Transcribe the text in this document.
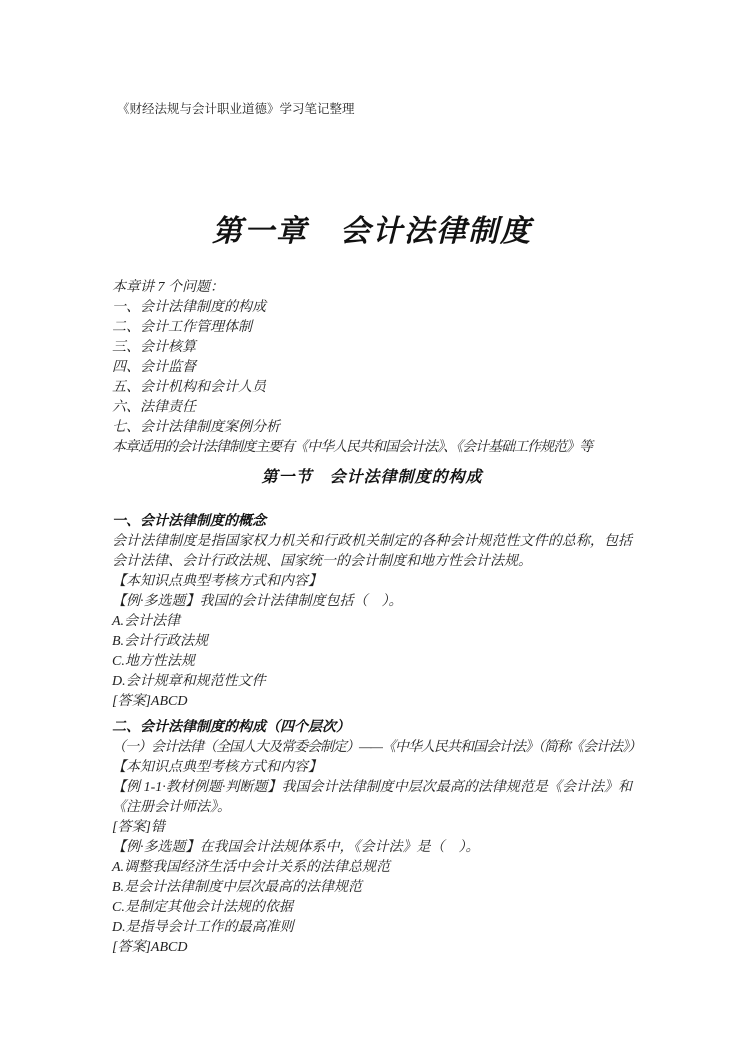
《财经法规与会计职业道德》学习笔记整理
第一章　会计法律制度

本章讲 7 个问题：

一、会计法律制度的构成

二、会计工作管理体制

三、会计核算

四、会计监督

五、会计机构和会计人员

六、法律责任

七、会计法律制度案例分析

本章适用的会计法律制度主要有《中华人民共和国会计法》、《会计基础工作规范》等

第一节　会计法律制度的构成
一、会计法律制度的概念

会计法律制度是指国家权力机关和行政机关制定的各种会计规范性文件的总称，包括会计法律、会计行政法规、国家统一的会计制度和地方性会计法规。

【本知识点典型考核方式和内容】

【例·多选题】我国的会计法律制度包括（　）。

A.会计法律

B.会计行政法规

C.地方性法规

D.会计规章和规范性文件

[答案]ABCD

二、会计法律制度的构成（四个层次）

（一）会计法律（全国人大及常委会制定）——《中华人民共和国会计法》（简称《会计法》）

【本知识点典型考核方式和内容】

【例 1-1·教材例题·判断题】我国会计法律制度中层次最高的法律规范是《会计法》和《注册会计师法》。

[答案]错

【例·多选题】在我国会计法规体系中，《会计法》是（　）。

A.调整我国经济生活中会计关系的法律总规范

B.是会计法律制度中层次最高的法律规范

C.是制定其他会计法规的依据

D.是指导会计工作的最高准则

[答案]ABCD
